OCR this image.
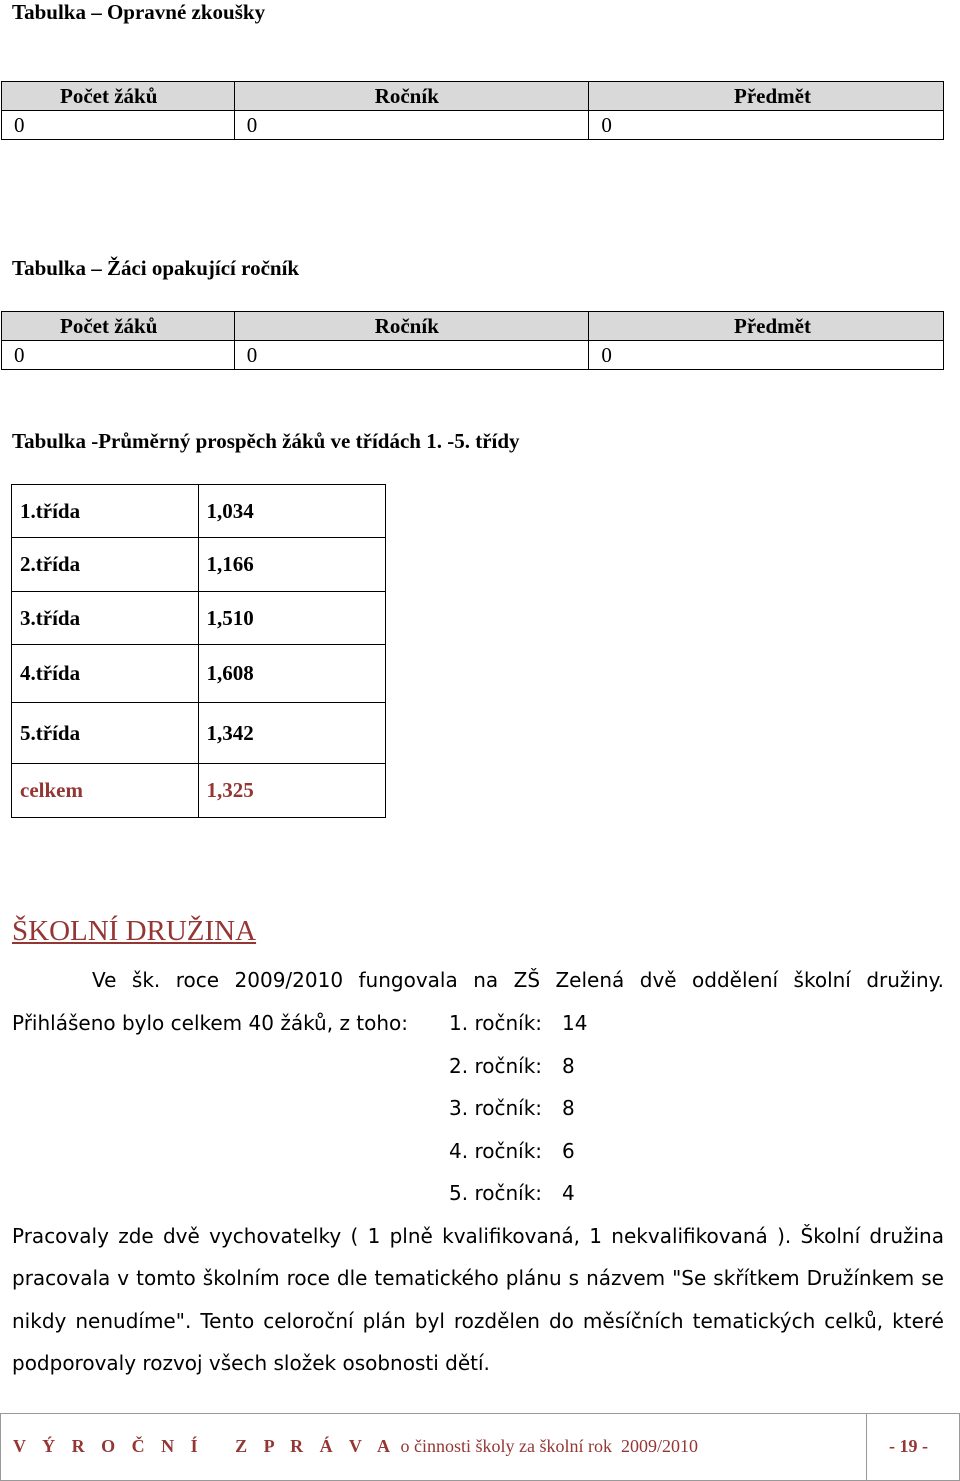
Tabulka – Opravné zkoušky
Počet žáků	Ročník	Předmět
0	0	0
Tabulka – Žáci opakující ročník
Počet žáků	Ročník	Předmět
0	0	0
Tabulka -Průměrný prospěch žáků ve třídách 1. -5. třídy
1.třída	1,034
2.třída	1,166
3.třída	1,510
4.třída	1,608
5.třída	1,342
celkem	1,325
ŠKOLNÍ DRUŽINA
Ve šk. roce 2009/2010 fungovala na ZŠ Zelená dvě oddělení školní družiny.
Přihlášeno bylo celkem 40 žáků, z toho: 1. ročník: 14
2. ročník: 8
3. ročník: 8
4. ročník: 6
5. ročník: 4
Pracovaly zde dvě vychovatelky ( 1 plně kvalifikovaná, 1 nekvalifikovaná ). Školní družina
pracovala v tomto školním roce dle tematického plánu s názvem "Se skřítkem Družínkem se
nikdy nenudíme". Tento celoroční plán byl rozdělen do měsíčních tematických celků, které
podporovaly rozvoj všech složek osobnosti dětí.
V Ý R O Č N Í   Z P R Á V A o činnosti školy za školní rok  2009/2010	- 19 -
